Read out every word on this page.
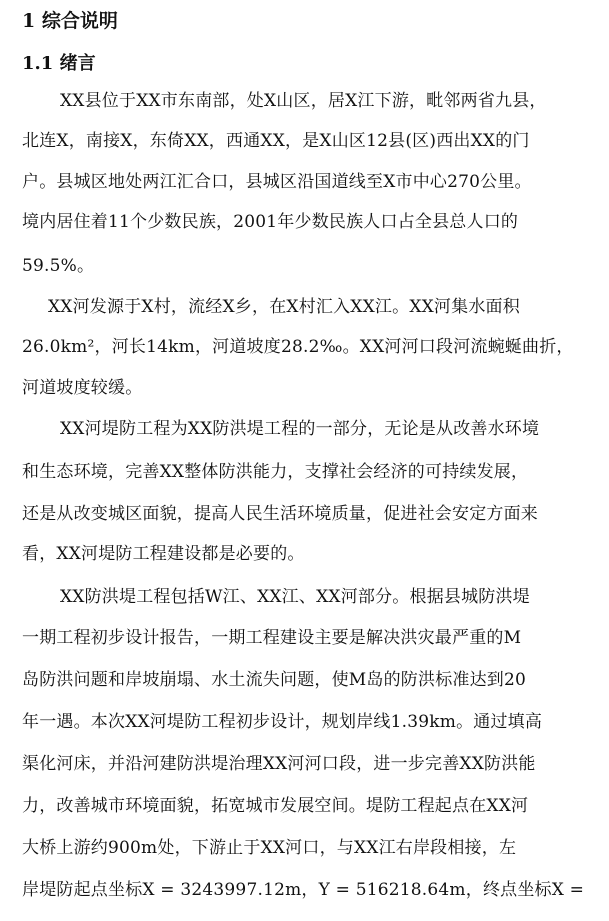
1 综合说明
1.1 绪言
XX县位于XX市东南部，处X山区，居X江下游，毗邻两省九县，
北连X，南接X，东倚XX，西通XX，是X山区12县(区)西出XX的门
户。县城区地处两江汇合口，县城区沿国道线至X市中心270公里。
境内居住着11个少数民族，2001年少数民族人口占全县总人口的
59.5%。
XX河发源于X村，流经X乡，在X村汇入XX江。XX河集水面积
26.0km²，河长14km，河道坡度28.2‰。XX河河口段河流蜿蜒曲折，
河道坡度较缓。
XX河堤防工程为XX防洪堤工程的一部分，无论是从改善水环境
和生态环境，完善XX整体防洪能力，支撑社会经济的可持续发展，
还是从改变城区面貌，提高人民生活环境质量，促进社会安定方面来
看，XX河堤防工程建设都是必要的。
XX防洪堤工程包括W江、XX江、XX河部分。根据县城防洪堤
一期工程初步设计报告，一期工程建设主要是解决洪灾最严重的M
岛防洪问题和岸坡崩塌、水土流失问题，使M岛的防洪标准达到20
年一遇。本次XX河堤防工程初步设计，规划岸线1.39km。通过填高
渠化河床，并沿河建防洪堤治理XX河河口段，进一步完善XX防洪能
力，改善城市环境面貌，拓宽城市发展空间。堤防工程起点在XX河
大桥上游约900m处，下游止于XX河口，与XX江右岸段相接，左
岸堤防起点坐标X = 3243997.12m，Y = 516218.64m，终点坐标X =
